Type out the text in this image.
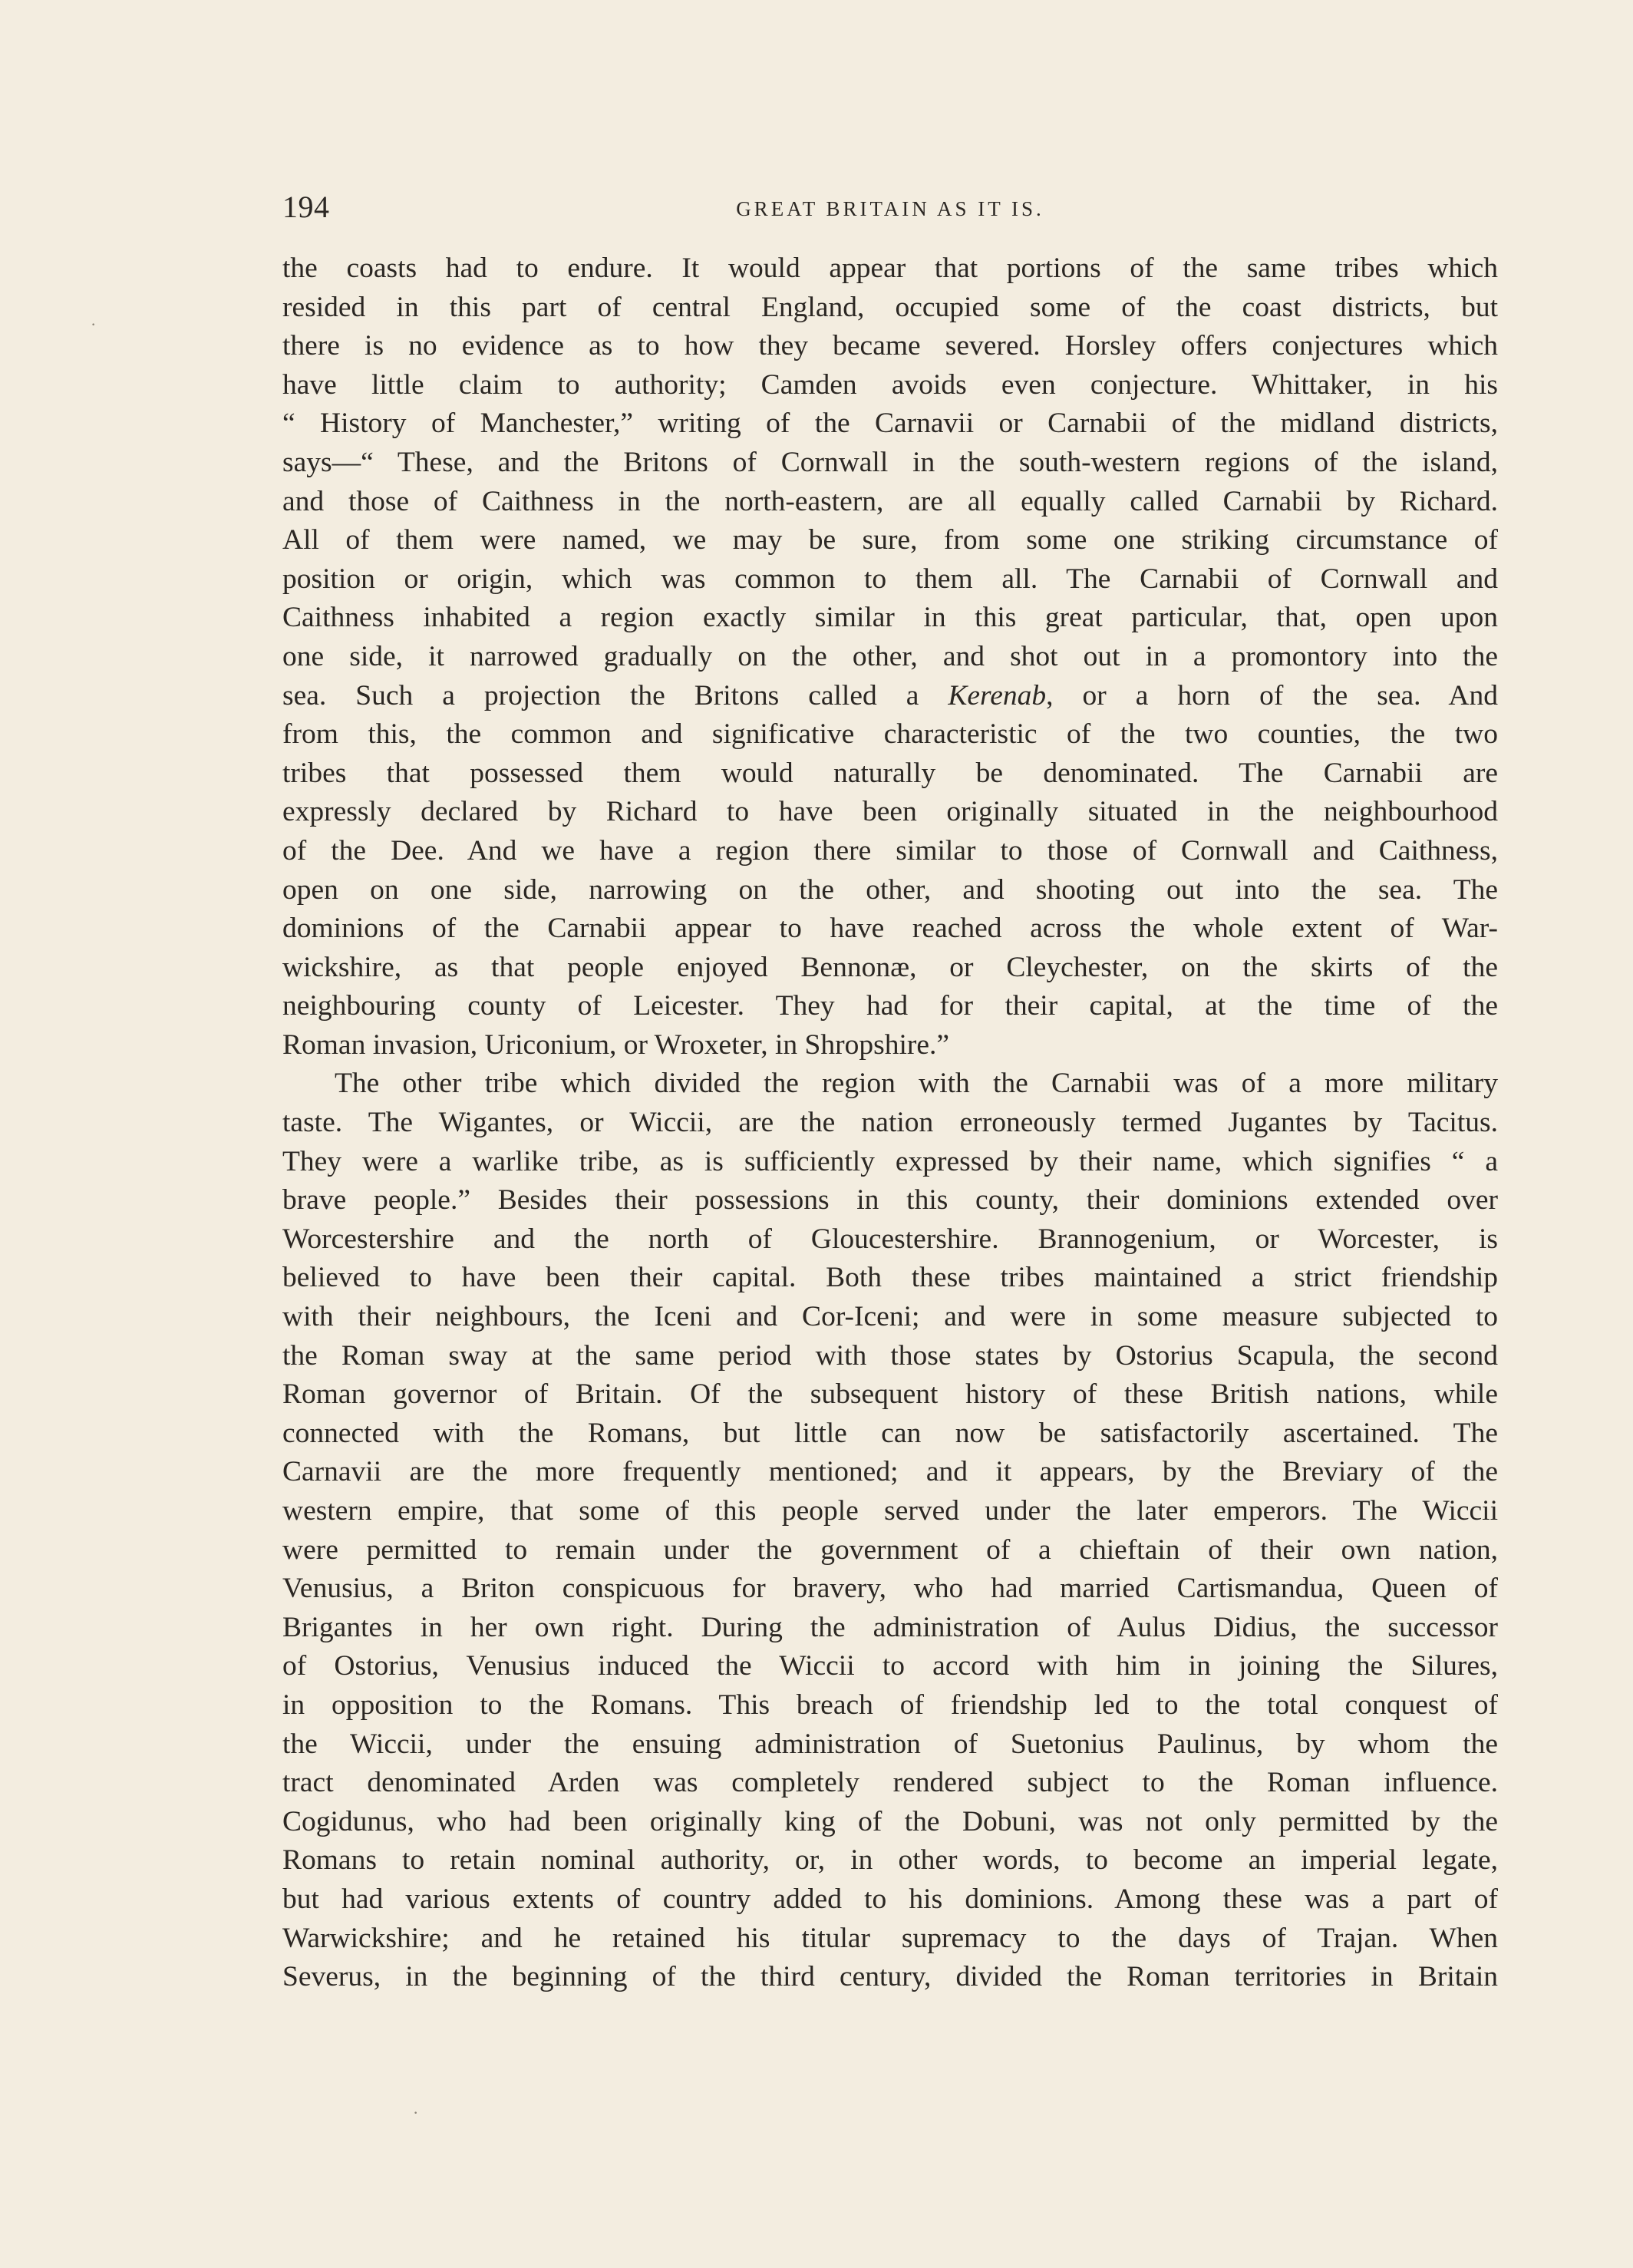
194	GREAT BRITAIN AS IT IS.
the coasts had to endure. It would appear that portions of the same tribes which
resided in this part of central England, occupied some of the coast districts, but
there is no evidence as to how they became severed. Horsley offers conjectures which
have little claim to authority; Camden avoids even conjecture. Whittaker, in his
“ History of Manchester,” writing of the Carnavii or Carnabii of the midland districts,
says—“ These, and the Britons of Cornwall in the south-western regions of the island,
and those of Caithness in the north-eastern, are all equally called Carnabii by Richard.
All of them were named, we may be sure, from some one striking circumstance of
position or origin, which was common to them all. The Carnabii of Cornwall and
Caithness inhabited a region exactly similar in this great particular, that, open upon
one side, it narrowed gradually on the other, and shot out in a promontory into the
sea. Such a projection the Britons called a Kerenab, or a horn of the sea. And
from this, the common and significative characteristic of the two counties, the two
tribes that possessed them would naturally be denominated. The Carnabii are
expressly declared by Richard to have been originally situated in the neighbourhood
of the Dee. And we have a region there similar to those of Cornwall and Caithness,
open on one side, narrowing on the other, and shooting out into the sea. The
dominions of the Carnabii appear to have reached across the whole extent of War-
wickshire, as that people enjoyed Bennonæ, or Cleychester, on the skirts of the
neighbouring county of Leicester. They had for their capital, at the time of the
Roman invasion, Uriconium, or Wroxeter, in Shropshire.”
The other tribe which divided the region with the Carnabii was of a more military
taste. The Wigantes, or Wiccii, are the nation erroneously termed Jugantes by Tacitus.
They were a warlike tribe, as is sufficiently expressed by their name, which signifies “ a
brave people.” Besides their possessions in this county, their dominions extended over
Worcestershire and the north of Gloucestershire. Brannogenium, or Worcester, is
believed to have been their capital. Both these tribes maintained a strict friendship
with their neighbours, the Iceni and Cor-Iceni; and were in some measure subjected to
the Roman sway at the same period with those states by Ostorius Scapula, the second
Roman governor of Britain. Of the subsequent history of these British nations, while
connected with the Romans, but little can now be satisfactorily ascertained. The
Carnavii are the more frequently mentioned; and it appears, by the Breviary of the
western empire, that some of this people served under the later emperors. The Wiccii
were permitted to remain under the government of a chieftain of their own nation,
Venusius, a Briton conspicuous for bravery, who had married Cartismandua, Queen of
Brigantes in her own right. During the administration of Aulus Didius, the successor
of Ostorius, Venusius induced the Wiccii to accord with him in joining the Silures,
in opposition to the Romans. This breach of friendship led to the total conquest of
the Wiccii, under the ensuing administration of Suetonius Paulinus, by whom the
tract denominated Arden was completely rendered subject to the Roman influence.
Cogidunus, who had been originally king of the Dobuni, was not only permitted by the
Romans to retain nominal authority, or, in other words, to become an imperial legate,
but had various extents of country added to his dominions. Among these was a part of
Warwickshire; and he retained his titular supremacy to the days of Trajan. When
Severus, in the beginning of the third century, divided the Roman territories in Britain
·
·
